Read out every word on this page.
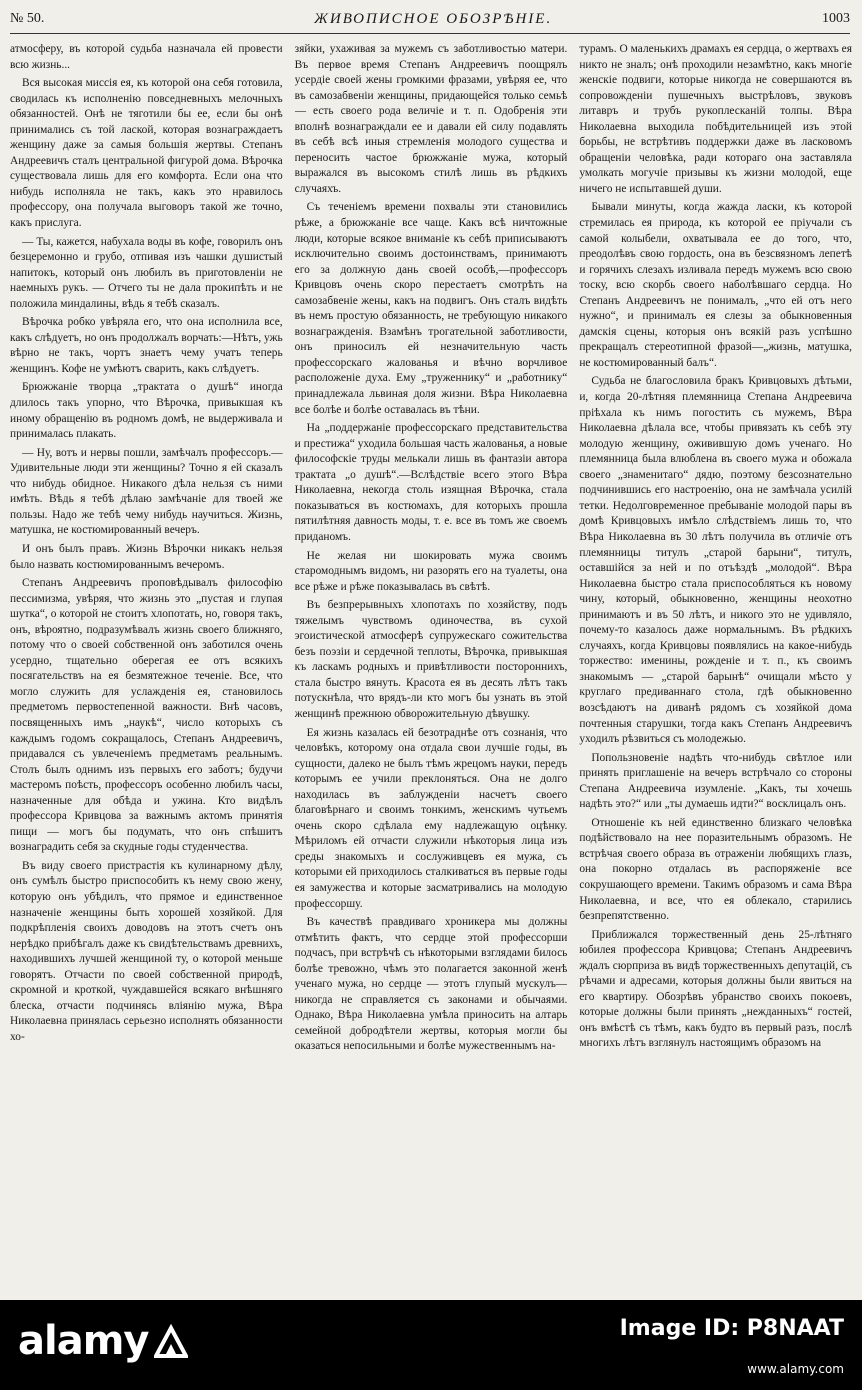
№ 50.	ЖИВОПИСНОЕ ОБОЗРѢНІЕ.	1003

атмосферу, въ которой судьба назначала ей провести всю жизнь...

Вся высокая миссія ея, къ которой она себя готовила, сводилась къ исполненію повседневныхъ мелочныхъ обязанностей. Онѣ не тяготили бы ее, если бы онѣ принимались съ той лаской, которая вознаграждаетъ женщину даже за самыя большія жертвы. Степанъ Андреевичъ сталъ центральной фигурой дома. Вѣрочка существовала лишь для его комфорта. Если она что нибудь исполняла не такъ, какъ это нравилось профессору, она получала выговоръ такой же точно, какъ прислуга.

— Ты, кажется, набухала воды въ кофе, говорилъ онъ безцеремонно и грубо, отпивая изъ чашки душистый напитокъ, который онъ любилъ въ приготовленіи не наемныхъ рукъ. — Отчего ты не дала прокипѣть и не положила миндалины, вѣдь я тебѣ сказалъ.

Вѣрочка робко увѣряла его, что она исполнила все, какъ слѣдуетъ, но онъ продолжалъ ворчать:—Нѣтъ, ужь вѣрно не такъ, чортъ знаетъ чему учатъ теперь женщинъ. Кофе не умѣютъ сварить, какъ слѣдуетъ.

Брюжжаніе творца „трактата о душѣ“ иногда длилось такъ упорно, что Вѣрочка, привыкшая къ иному обращенію въ родномъ домѣ, не выдерживала и принималась плакать.

— Ну, вотъ и нервы пошли, замѣчалъ профессоръ.—Удивительные люди эти женщины? Точно я ей сказалъ что нибудь обидное. Никакого дѣла нельзя съ ними имѣть. Вѣдь я тебѣ дѣлаю замѣчаніе для твоей же пользы. Надо же тебѣ чему нибудь научиться. Жизнь, матушка, не костюмированный вечеръ.

И онъ былъ правъ. Жизнь Вѣрочки никакъ нельзя было назвать костюмированнымъ вечеромъ.

Степанъ Андреевичъ проповѣдывалъ философію пессимизма, увѣряя, что жизнь это „пустая и глупая шутка“, о которой не стоитъ хлопотать, но, говоря такъ, онъ, вѣроятно, подразумѣвалъ жизнь своего ближняго, потому что о своей собственной онъ заботился очень усердно, тщательно оберегая ее отъ всякихъ посягательствъ на ея безмятежное теченіе. Все, что могло служить для услажденія ея, становилось предметомъ первостепенной важности. Внѣ часовъ, посвященныхъ имъ „наукѣ“, число которыхъ съ каждымъ годомъ сокращалось, Степанъ Андреевичъ, придавался съ увлеченіемъ предметамъ реальнымъ. Столъ былъ однимъ изъ первыхъ его заботъ; будучи мастеромъ поѣсть, профессоръ особенно любилъ часы, назначенные для обѣда и ужина. Кто видѣлъ профессора Кривцова за важнымъ актомъ принятія пищи — могъ бы подумать, что онъ спѣшитъ вознаградить себя за скудные годы студенчества.

Въ виду своего пристрастія къ кулинарному дѣлу, онъ сумѣлъ быстро приспособить къ нему свою жену, которую онъ убѣдилъ, что прямое и единственное назначеніе женщины быть хорошей хозяйкой. Для подкрѣпленія своихъ доводовъ на этотъ счетъ онъ нерѣдко прибѣгалъ даже къ свидѣтельствамъ древнихъ, находившихъ лучшей женщиной ту, о которой меньше говорятъ. Отчасти по своей собственной природѣ, скромной и кроткой, чуждавшейся всякаго внѣшняго блеска, отчасти подчинясь вліянію мужа, Вѣра Николаевна принялась серьезно исполнять обязанности хо-

зяйки, ухаживая за мужемъ съ заботливостью матери. Въ первое время Степанъ Андреевичъ поощрялъ усердіе своей жены громкими фразами, увѣряя ее, что въ самозабвеніи женщины, придающейся только семьѣ — есть своего рода величіе и т. п. Одобренія эти вполнѣ вознаграждали ее и давали ей силу подавлять въ себѣ всѣ иныя стремленія молодого существа и переносить частое брюжжаніе мужа, который выражался въ высокомъ стилѣ лишь въ рѣдкихъ случаяхъ.

Съ теченіемъ времени похвалы эти становились рѣже, а брюжжаніе все чаще. Какъ всѣ ничтожные люди, которые всякое вниманіе къ себѣ приписываютъ исключительно своимъ достоинствамъ, принимаютъ его за должную дань своей особѣ,—профессоръ Кривцовъ очень скоро перестаетъ смотрѣть на самозабвеніе жены, какъ на подвигъ. Онъ сталъ видѣть въ немъ простую обязанность, не требующую никакого вознагражденія. Взамѣнъ трогательной заботливости, онъ приносилъ ей незначительную часть профессорскаго жалованья и вѣчно ворчливое расположеніе духа. Ему „труженнику“ и „работнику“ принадлежала львиная доля жизни. Вѣра Николаевна все болѣе и болѣе оставалась въ тѣни.

На „поддержаніе профессорскаго представительства и престижа“ уходила большая часть жалованья, а новые философскіе труды мелькали лишь въ фантазіи автора трактата „о душѣ“.—Вслѣдствіе всего этого Вѣра Николаевна, некогда столь изящная Вѣрочка, стала показываться въ костюмахъ, для которыхъ прошла пятилѣтняя давность моды, т. е. все въ томъ же своемъ приданомъ.

Не желая ни шокировать мужа своимъ старомоднымъ видомъ, ни разорять его на туалеты, она все рѣже и рѣже показывалась въ свѣтѣ.

Въ безпрерывныхъ хлопотахъ по хозяйству, подъ тяжелымъ чувствомъ одиночества, въ сухой эгоистической атмосферѣ супружескаго сожительства безъ поэзіи и сердечной теплоты, Вѣрочка, привыкшая къ ласкамъ родныхъ и привѣтливости постороннихъ, стала быстро вянуть. Красота ея въ десять лѣтъ такъ потускнѣла, что врядъ-ли кто могъ бы узнать въ этой женщинѣ прежнюю обворожительную дѣвушку.

Ея жизнь казалась ей безотраднѣе отъ сознанія, что человѣкъ, которому она отдала свои лучшіе годы, въ сущности, далеко не былъ тѣмъ жрецомъ науки, передъ которымъ ее учили преклоняться. Она не долго находилась въ заблужденіи насчетъ своего благовѣрнаго и своимъ тонкимъ, женскимъ чутьемъ очень скоро сдѣлала ему надлежащую оцѣнку. Мѣриломъ ей отчасти служили нѣкоторыя лица изъ среды знакомыхъ и сослуживцевъ ея мужа, съ которыми ей приходилось сталкиваться въ первые годы ея замужества и которые засматривались на молодую профессоршу.

Въ качествѣ правдиваго хроникера мы должны отмѣтить фактъ, что сердце этой профессорши подчасъ, при встрѣчѣ съ нѣкоторыми взглядами билось болѣе тревожно, чѣмъ это полагается законной женѣ ученаго мужа, но сердце — этотъ глупый мускулъ—никогда не справляется съ законами и обычаями. Однако, Вѣра Николаевна умѣла приносить на алтарь семейной добродѣтели жертвы, которыя могли бы оказаться непосильными и болѣе мужественнымъ на-

турамъ. О маленькихъ драмахъ ея сердца, о жертвахъ ея никто не зналъ; онѣ проходили незамѣтно, какъ многіе женскіе подвиги, которые никогда не совершаются въ сопровожденіи пушечныхъ выстрѣловъ, звуковъ литавръ и трубъ рукоплесканій толпы. Вѣра Николаевна выходила побѣдительницей изъ этой борьбы, не встрѣтивъ поддержки даже въ ласковомъ обращеніи человѣка, ради котораго она заставляла умолкать могучіе призывы къ жизни молодой, еще ничего не испытавшей души.

Бывали минуты, когда жажда ласки, къ которой стремилась ея природа, къ которой ее пріучали съ самой колыбели, охватывала ее до того, что, преодолѣвъ свою гордость, она въ безсвязномъ лепетѣ и горячихъ слезахъ изливала передъ мужемъ всю свою тоску, всю скорбь своего наболѣвшаго сердца. Но Степанъ Андреевичъ не понималъ, „что ей отъ него нужно“, и принималъ ея слезы за обыкновенныя дамскія сцены, которыя онъ всякій разъ успѣшно прекращалъ стереотипной фразой—„жизнь, матушка, не костюмированный балъ“.

Судьба не благословила бракъ Кривцовыхъ дѣтьми, и, когда 20-лѣтняя племянница Степана Андреевича пріѣхала къ нимъ погостить съ мужемъ, Вѣра Николаевна дѣлала все, чтобы привязать къ себѣ эту молодую женщину, оживившую домъ ученаго. Но племянница была влюблена въ своего мужа и обожала своего „знаменитаго“ дядю, поэтому безсознательно подчинившись его настроенію, она не замѣчала усилій тетки. Недолговременное пребываніе молодой пары въ домѣ Кривцовыхъ имѣло слѣдствіемъ лишь то, что Вѣра Николаевна въ 30 лѣтъ получила въ отличіе отъ племянницы титулъ „старой барыни“, титулъ, оставшійся за ней и по отъѣздѣ „молодой“. Вѣра Николаевна быстро стала приспособляться къ новому чину, который, обыкновенно, женщины неохотно принимаютъ и въ 50 лѣтъ, и никого это не удивляло, почему-то казалось даже нормальнымъ. Въ рѣдкихъ случаяхъ, когда Кривцовы появлялись на какое-нибудь торжество: именины, рожденіе и т. п., къ своимъ знакомымъ — „старой барынѣ“ очищали мѣсто у круглаго предиваннаго стола, гдѣ обыкновенно возсѣдаютъ на диванѣ рядомъ съ хозяйкой дома почтенныя старушки, тогда какъ Степанъ Андреевичъ уходилъ рѣзвиться съ молодежью.

Попользновеніе надѣть что-нибудь свѣтлое или принять приглашеніе на вечеръ встрѣчало со стороны Степана Андреевича изумленіе. „Какъ, ты хочешь надѣть это?“ или „ты думаешь идти?“ восклицалъ онъ.

Отношеніе къ ней единственно близкаго человѣка подѣйствовало на нее поразительнымъ образомъ. Не встрѣчая своего образа въ отраженіи любящихъ глазъ, она покорно отдалась въ распоряженіе все сокрушающего времени. Такимъ образомъ и сама Вѣра Николаевна, и все, что ея облекало, старились безпрепятственно.

Приближался торжественный день 25-лѣтняго юбилея профессора Кривцова; Степанъ Андреевичъ ждалъ сюрприза въ видѣ торжественныхъ депутацій, съ рѣчами и адресами, которыя должны были явиться на его квартиру. Обозрѣвъ убранство своихъ покоевъ, которые должны были принять „нежданныхъ“ гостей, онъ вмѣстѣ съ тѣмъ, какъ будто въ первый разъ, послѣ многихъ лѣтъ взглянулъ настоящимъ образомъ на

alamy	Image ID: P8NAAT
www.alamy.com
